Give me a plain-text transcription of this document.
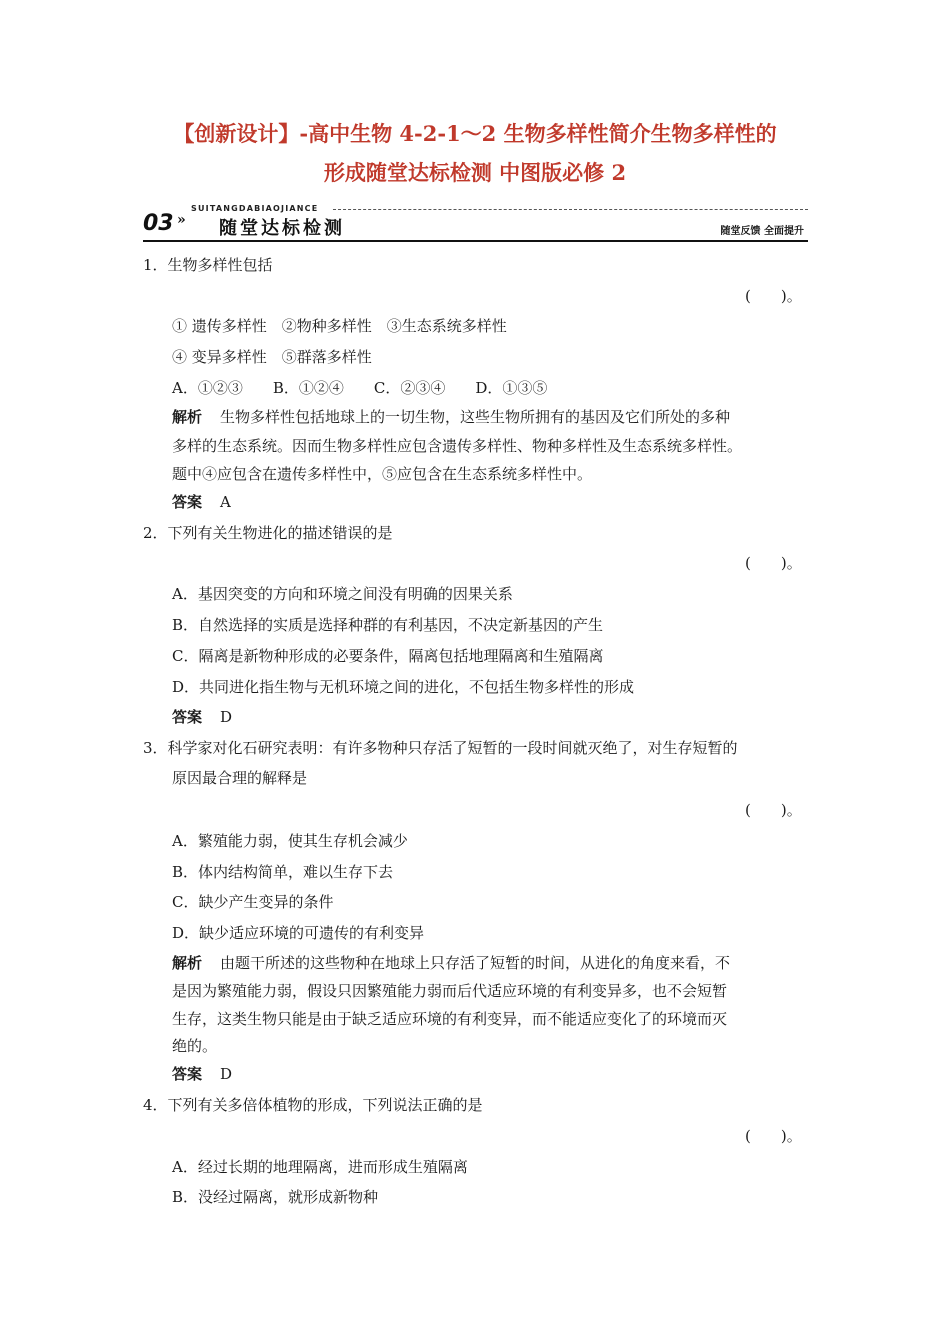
【创新设计】-高中生物 4-2-1～2 生物多样性简介生物多样性的
形成随堂达标检测 中图版必修 2
SUITANGDABIAOJIANCE
03 » 随堂达标检测	随堂反馈 全面提升
1．生物多样性包括
(　　)。
① 遗传多样性　②物种多样性　③生态系统多样性
④ 变异多样性　⑤群落多样性
A．①②③ B．①②④ C．②③④ D．①③⑤
解析 生物多样性包括地球上的一切生物，这些生物所拥有的基因及它们所处的多种
多样的生态系统。因而生物多样性应包含遗传多样性、物种多样性及生态系统多样性。
题中④应包含在遗传多样性中，⑤应包含在生态系统多样性中。
答案 A
2．下列有关生物进化的描述错误的是
(　　)。
A．基因突变的方向和环境之间没有明确的因果关系
B．自然选择的实质是选择种群的有利基因，不决定新基因的产生
C．隔离是新物种形成的必要条件，隔离包括地理隔离和生殖隔离
D．共同进化指生物与无机环境之间的进化，不包括生物多样性的形成
答案 D
3．科学家对化石研究表明：有许多物种只存活了短暂的一段时间就灭绝了，对生存短暂的
原因最合理的解释是
(　　)。
A．繁殖能力弱，使其生存机会减少
B．体内结构简单，难以生存下去
C．缺少产生变异的条件
D．缺少适应环境的可遗传的有利变异
解析 由题干所述的这些物种在地球上只存活了短暂的时间，从进化的角度来看，不
是因为繁殖能力弱，假设只因繁殖能力弱而后代适应环境的有利变异多，也不会短暂
生存，这类生物只能是由于缺乏适应环境的有利变异，而不能适应变化了的环境而灭
绝的。
答案 D
4．下列有关多倍体植物的形成，下列说法正确的是
(　　)。
A．经过长期的地理隔离，进而形成生殖隔离
B．没经过隔离，就形成新物种
